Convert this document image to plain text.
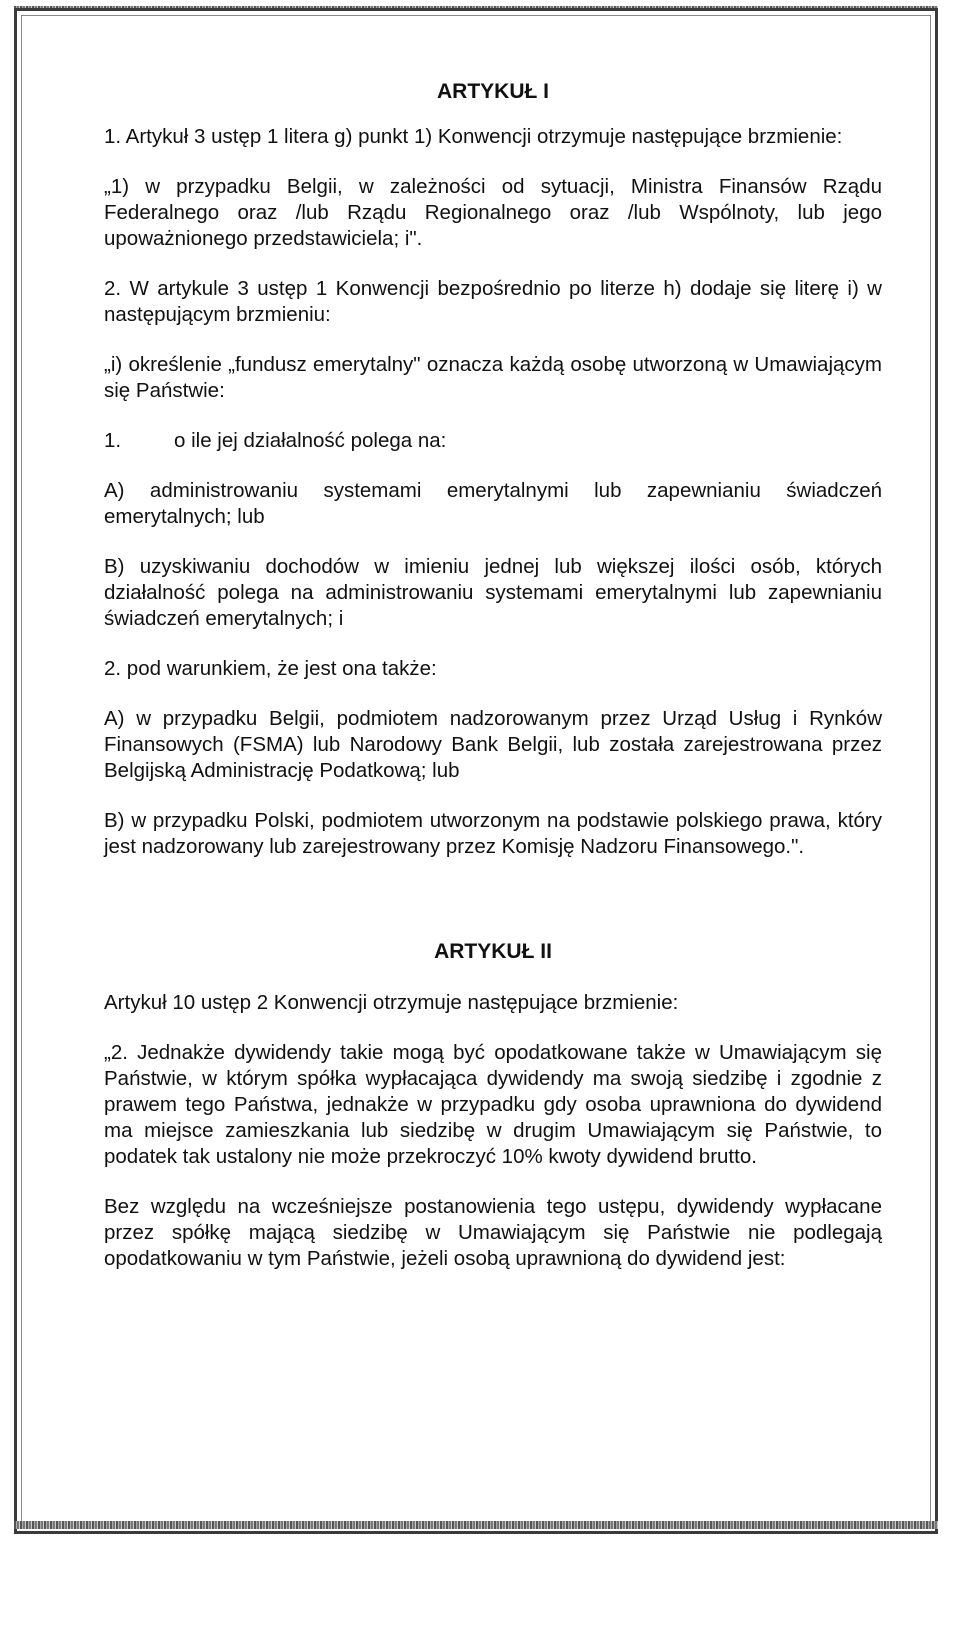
ARTYKUŁ I

1. Artykuł 3 ustęp 1 litera g) punkt 1) Konwencji otrzymuje następujące brzmienie:

„1) w przypadku Belgii, w zależności od sytuacji, Ministra Finansów Rządu Federalnego oraz /lub Rządu Regionalnego oraz /lub Wspólnoty, lub jego upoważnionego przedstawiciela; i".

2. W artykule 3 ustęp 1 Konwencji bezpośrednio po literze h) dodaje się literę i) w następującym brzmieniu:

„i) określenie „fundusz emerytalny" oznacza każdą osobę utworzoną w Umawiającym się Państwie:

1.	o ile jej działalność polega na:

A) administrowaniu systemami emerytalnymi lub zapewnianiu świadczeń emerytalnych; lub

B) uzyskiwaniu dochodów w imieniu jednej lub większej ilości osób, których działalność polega na administrowaniu systemami emerytalnymi lub zapewnianiu świadczeń emerytalnych; i

2. pod warunkiem, że jest ona także:

A) w przypadku Belgii, podmiotem nadzorowanym przez Urząd Usług i Rynków Finansowych (FSMA) lub Narodowy Bank Belgii, lub została zarejestrowana przez Belgijską Administrację Podatkową; lub

B) w przypadku Polski, podmiotem utworzonym na podstawie polskiego prawa, który jest nadzorowany lub zarejestrowany przez Komisję Nadzoru Finansowego.".

ARTYKUŁ II

Artykuł 10 ustęp 2 Konwencji otrzymuje następujące brzmienie:

„2. Jednakże dywidendy takie mogą być opodatkowane także w Umawiającym się Państwie, w którym spółka wypłacająca dywidendy ma swoją siedzibę i zgodnie z prawem tego Państwa, jednakże w przypadku gdy osoba uprawniona do dywidend ma miejsce zamieszkania lub siedzibę w drugim Umawiającym się Państwie, to podatek tak ustalony nie może przekroczyć 10% kwoty dywidend brutto.

Bez względu na wcześniejsze postanowienia tego ustępu, dywidendy wypłacane przez spółkę mającą siedzibę w Umawiającym się Państwie nie podlegają opodatkowaniu w tym Państwie, jeżeli osobą uprawnioną do dywidend jest:
